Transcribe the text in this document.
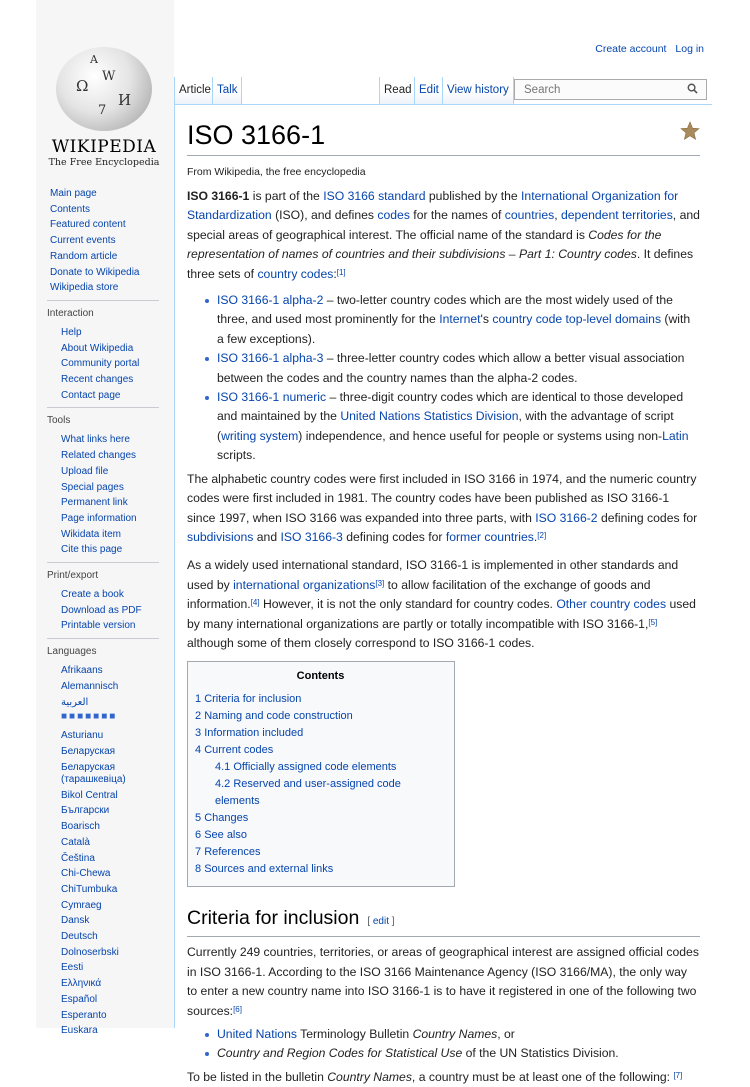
Create account Log in
Ω
W
И
7
A
WIKIPEDIA
The Free Encyclopedia
Main page
Contents
Featured content
Current events
Random article
Donate to Wikipedia
Wikipedia store
Interaction
Help
About Wikipedia
Community portal
Recent changes
Contact page
Tools
What links here
Related changes
Upload file
Special pages
Permanent link
Page information
Wikidata item
Cite this page
Print/export
Create a book
Download as PDF
Printable version
Languages
Afrikaans
Alemannisch
العربية
■■■■■■■
Asturianu
Беларуская
Беларуская (тарашкевіца)
Bikol Central
Български
Boarisch
Català
Čeština
Chi-Chewa
ChiTumbuka
Cymraeg
Dansk
Deutsch
Dolnoserbski
Eesti
Ελληνικά
Español
Esperanto
Euskara
Article Talk	Read Edit View history
Search
ISO 3166-1
From Wikipedia, the free encyclopedia

ISO 3166-1 is part of the ISO 3166 standard published by the International Organization for Standardization (ISO), and defines codes for the names of countries, dependent territories, and special areas of geographical interest. The official name of the standard is Codes for the representation of names of countries and their subdivisions – Part 1: Country codes. It defines three sets of country codes:[1]

ISO 3166-1 alpha-2 – two-letter country codes which are the most widely used of the three, and used most prominently for the Internet's country code top-level domains (with a few exceptions).
ISO 3166-1 alpha-3 – three-letter country codes which allow a better visual association between the codes and the country names than the alpha-2 codes.
ISO 3166-1 numeric – three-digit country codes which are identical to those developed and maintained by the United Nations Statistics Division, with the advantage of script (writing system) independence, and hence useful for people or systems using non-Latin scripts.

The alphabetic country codes were first included in ISO 3166 in 1974, and the numeric country codes were first included in 1981. The country codes have been published as ISO 3166-1 since 1997, when ISO 3166 was expanded into three parts, with ISO 3166-2 defining codes for subdivisions and ISO 3166-3 defining codes for former countries.[2]

As a widely used international standard, ISO 3166-1 is implemented in other standards and used by international organizations[3] to allow facilitation of the exchange of goods and information.[4] However, it is not the only standard for country codes. Other country codes used by many international organizations are partly or totally incompatible with ISO 3166-1,[5] although some of them closely correspond to ISO 3166-1 codes.

Contents
1 Criteria for inclusion
2 Naming and code construction
3 Information included
4 Current codes
4.1 Officially assigned code elements
4.2 Reserved and user-assigned code elements
5 Changes
6 See also
7 References
8 Sources and external links
Criteria for inclusion [ edit ]

Currently 249 countries, territories, or areas of geographical interest are assigned official codes in ISO 3166-1. According to the ISO 3166 Maintenance Agency (ISO 3166/MA), the only way to enter a new country name into ISO 3166-1 is to have it registered in one of the following two sources:[6]

United Nations Terminology Bulletin Country Names, or
Country and Region Codes for Statistical Use of the UN Statistics Division.

To be listed in the bulletin Country Names, a country must be at least one of the following: [7]
